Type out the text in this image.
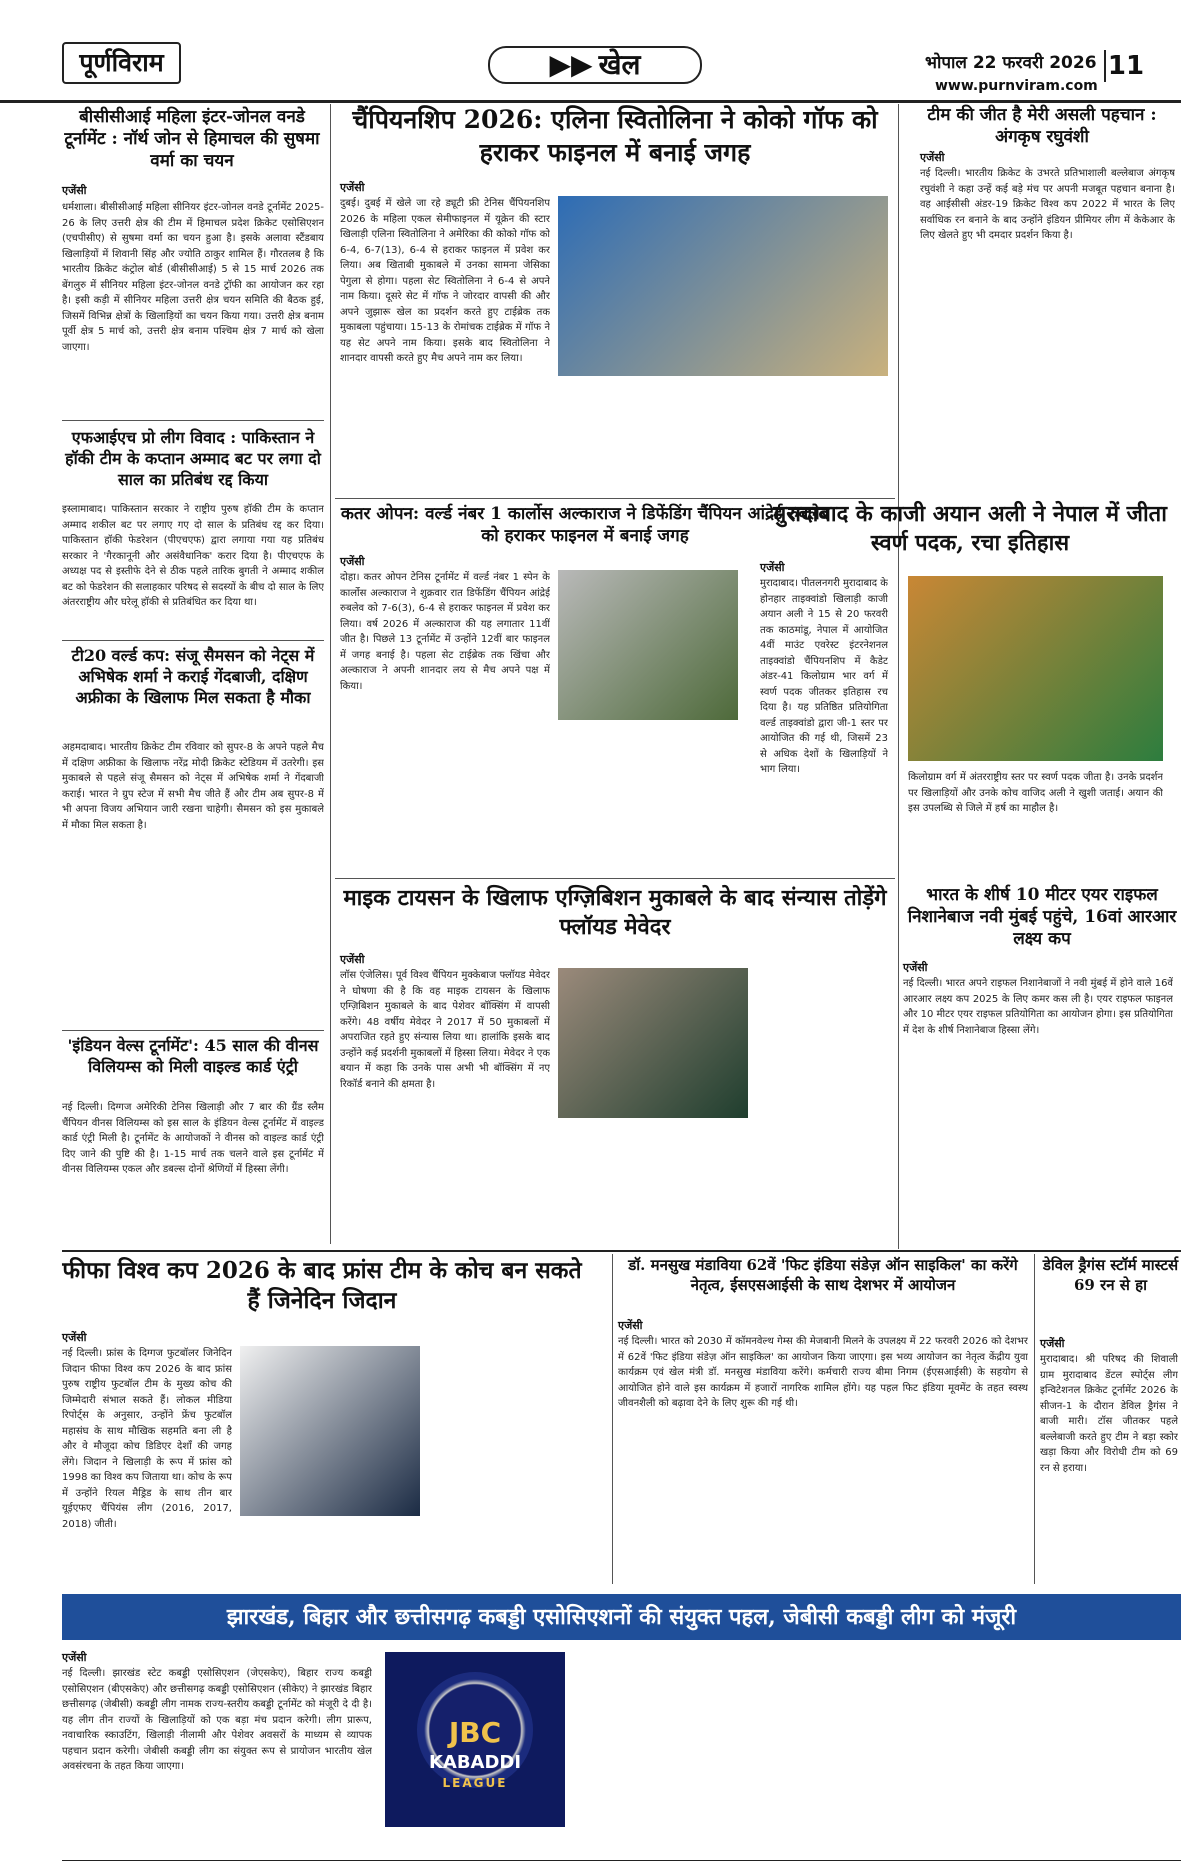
पूर्णविराम	▶▶ खेल	भोपाल 22 फरवरी 2026 11
www.purnviram.com
बीसीसीआई महिला इंटर-जोनल वनडे टूर्नामेंट : नॉर्थ जोन से हिमाचल की सुषमा वर्मा का चयन
एजेंसी
धर्मशाला। बीसीसीआई महिला सीनियर इंटर-जोनल वनडे टूर्नामेंट 2025-26 के लिए उत्तरी क्षेत्र की टीम में हिमाचल प्रदेश क्रिकेट एसोसिएशन (एचपीसीए) से सुषमा वर्मा का चयन हुआ है। इसके अलावा स्टैंडबाय खिलाड़ियों में शिवानी सिंह और ज्योति ठाकुर शामिल हैं। गौरतलब है कि भारतीय क्रिकेट कंट्रोल बोर्ड (बीसीसीआई) 5 से 15 मार्च 2026 तक बेंगलुरु में सीनियर महिला इंटर-जोनल वनडे ट्रॉफी का आयोजन कर रहा है। इसी कड़ी में सीनियर महिला उत्तरी क्षेत्र चयन समिति की बैठक हुई, जिसमें विभिन्न क्षेत्रों के खिलाड़ियों का चयन किया गया। उत्तरी क्षेत्र बनाम पूर्वी क्षेत्र 5 मार्च को, उत्तरी क्षेत्र बनाम पश्चिम क्षेत्र 7 मार्च को खेला जाएगा।
एफआईएच प्रो लीग विवाद : पाकिस्तान ने हॉकी टीम के कप्तान अम्माद बट पर लगा दो साल का प्रतिबंध रद्द किया
इस्लामाबाद। पाकिस्तान सरकार ने राष्ट्रीय पुरुष हॉकी टीम के कप्तान अम्माद शकील बट पर लगाए गए दो साल के प्रतिबंध रद्द कर दिया। पाकिस्तान हॉकी फेडरेशन (पीएचएफ) द्वारा लगाया गया यह प्रतिबंध सरकार ने 'गैरकानूनी और असंवैधानिक' करार दिया है। पीएचएफ के अध्यक्ष पद से इस्तीफे देने से ठीक पहले तारिक बुगती ने अम्माद शकील बट को फेडरेशन की सलाहकार परिषद से सदस्यों के बीच दो साल के लिए अंतरराष्ट्रीय और घरेलू हॉकी से प्रतिबंधित कर दिया था।
टी20 वर्ल्ड कप: संजू सैमसन को नेट्स में अभिषेक शर्मा ने कराई गेंदबाजी, दक्षिण अफ्रीका के खिलाफ मिल सकता है मौका
अहमदाबाद। भारतीय क्रिकेट टीम रविवार को सुपर-8 के अपने पहले मैच में दक्षिण अफ्रीका के खिलाफ नरेंद्र मोदी क्रिकेट स्टेडियम में उतरेगी। इस मुकाबले से पहले संजू सैमसन को नेट्स में अभिषेक शर्मा ने गेंदबाजी कराई। भारत ने ग्रुप स्टेज में सभी मैच जीते हैं और टीम अब सुपर-8 में भी अपना विजय अभियान जारी रखना चाहेगी। सैमसन को इस मुकाबले में मौका मिल सकता है।
'इंडियन वेल्स टूर्नामेंट': 45 साल की वीनस विलियम्स को मिली वाइल्ड कार्ड एंट्री
नई दिल्ली। दिग्गज अमेरिकी टेनिस खिलाड़ी और 7 बार की ग्रैंड स्लैम चैंपियन वीनस विलियम्स को इस साल के इंडियन वेल्स टूर्नामेंट में वाइल्ड कार्ड एंट्री मिली है। टूर्नामेंट के आयोजकों ने वीनस को वाइल्ड कार्ड एंट्री दिए जाने की पुष्टि की है। 1-15 मार्च तक चलने वाले इस टूर्नामेंट में वीनस विलियम्स एकल और डबल्स दोनों श्रेणियों में हिस्सा लेंगी।
चैंपियनशिप 2026: एलिना स्वितोलिना ने कोको गॉफ को हराकर फाइनल में बनाई जगह
एजेंसी
दुबई। दुबई में खेले जा रहे ड्यूटी फ्री टेनिस चैंपियनशिप 2026 के महिला एकल सेमीफाइनल में यूक्रेन की स्टार खिलाड़ी एलिना स्वितोलिना ने अमेरिका की कोको गॉफ को 6-4, 6-7(13), 6-4 से हराकर फाइनल में प्रवेश कर लिया। अब खिताबी मुकाबले में उनका सामना जेसिका पेगुला से होगा। पहला सेट स्वितोलिना ने 6-4 से अपने नाम किया। दूसरे सेट में गॉफ ने जोरदार वापसी की और अपने जुझारू खेल का प्रदर्शन करते हुए टाईब्रेक तक मुकाबला पहुंचाया। 15-13 के रोमांचक टाईब्रेक में गॉफ ने यह सेट अपने नाम किया। इसके बाद स्वितोलिना ने शानदार वापसी करते हुए मैच अपने नाम कर लिया।
टीम की जीत है मेरी असली पहचान : अंगकृष रघुवंशी
एजेंसी
नई दिल्ली। भारतीय क्रिकेट के उभरते प्रतिभाशाली बल्लेबाज अंगकृष रघुवंशी ने कहा उन्हें कई बड़े मंच पर अपनी मजबूत पहचान बनाना है। वह आईसीसी अंडर-19 क्रिकेट विश्व कप 2022 में भारत के लिए सर्वाधिक रन बनाने के बाद उन्होंने इंडियन प्रीमियर लीग में केकेआर के लिए खेलते हुए भी दमदार प्रदर्शन किया है।
कतर ओपन: वर्ल्ड नंबर 1 कार्लोस अल्काराज ने डिफेंडिंग चैंपियन आंद्रेई रुबलेव को हराकर फाइनल में बनाई जगह
एजेंसी
दोहा। कतर ओपन टेनिस टूर्नामेंट में वर्ल्ड नंबर 1 स्पेन के कार्लोस अल्काराज ने शुक्रवार रात डिफेंडिंग चैंपियन आंद्रेई रुबलेव को 7-6(3), 6-4 से हराकर फाइनल में प्रवेश कर लिया। वर्ष 2026 में अल्काराज की यह लगातार 11वीं जीत है। पिछले 13 टूर्नामेंट में उन्होंने 12वीं बार फाइनल में जगह बनाई है। पहला सेट टाईब्रेक तक खिंचा और अल्काराज ने अपनी शानदार लय से मैच अपने पक्ष में किया।
मुरादाबाद के काजी अयान अली ने नेपाल में जीता स्वर्ण पदक, रचा इतिहास
एजेंसी
मुरादाबाद। पीतलनगरी मुरादाबाद के होनहार ताइक्वांडो खिलाड़ी काजी अयान अली ने 15 से 20 फरवरी तक काठमांडू, नेपाल में आयोजित 4वीं माउंट एवरेस्ट इंटरनेशनल ताइक्वांडो चैंपियनशिप में कैडेट अंडर-41 किलोग्राम भार वर्ग में स्वर्ण पदक जीतकर इतिहास रच दिया है। यह प्रतिष्ठित प्रतियोगिता वर्ल्ड ताइक्वांडो द्वारा जी-1 स्तर पर आयोजित की गई थी, जिसमें 23 से अधिक देशों के खिलाड़ियों ने भाग लिया।
किलोग्राम वर्ग में अंतरराष्ट्रीय स्तर पर स्वर्ण पदक जीता है। उनके प्रदर्शन पर खिलाड़ियों और उनके कोच वाजिद अली ने खुशी जताई। अयान की इस उपलब्धि से जिले में हर्ष का माहौल है।
माइक टायसन के खिलाफ एग्ज़िबिशन मुकाबले के बाद संन्यास तोड़ेंगे फ्लॉयड मेवेदर
एजेंसी
लॉस एंजेलिस। पूर्व विश्व चैंपियन मुक्केबाज फ्लॉयड मेवेदर ने घोषणा की है कि वह माइक टायसन के खिलाफ एग्ज़िबिशन मुकाबले के बाद पेशेवर बॉक्सिंग में वापसी करेंगे। 48 वर्षीय मेवेदर ने 2017 में 50 मुकाबलों में अपराजित रहते हुए संन्यास लिया था। हालांकि इसके बाद उन्होंने कई प्रदर्शनी मुकाबलों में हिस्सा लिया। मेवेदर ने एक बयान में कहा कि उनके पास अभी भी बॉक्सिंग में नए रिकॉर्ड बनाने की क्षमता है।
भारत के शीर्ष 10 मीटर एयर राइफल निशानेबाज नवी मुंबई पहुंचे, 16वां आरआर लक्ष्य कप
एजेंसी
नई दिल्ली। भारत अपने राइफल निशानेबाजों ने नवी मुंबई में होने वाले 16वें आरआर लक्ष्य कप 2025 के लिए कमर कस ली है। एयर राइफल फाइनल और 10 मीटर एयर राइफल प्रतियोगिता का आयोजन होगा। इस प्रतियोगिता में देश के शीर्ष निशानेबाज हिस्सा लेंगे।
फीफा विश्व कप 2026 के बाद फ्रांस टीम के कोच बन सकते हैं जिनेदिन जिदान
एजेंसी
नई दिल्ली। फ्रांस के दिग्गज फुटबॉलर जिनेदिन जिदान फीफा विश्व कप 2026 के बाद फ्रांस पुरुष राष्ट्रीय फुटबॉल टीम के मुख्य कोच की जिम्मेदारी संभाल सकते हैं। लोकल मीडिया रिपोर्ट्स के अनुसार, उन्होंने फ्रेंच फुटबॉल महासंघ के साथ मौखिक सहमति बना ली है और वे मौजूदा कोच डिडिएर देशाँ की जगह लेंगे। जिदान ने खिलाड़ी के रूप में फ्रांस को 1998 का विश्व कप जिताया था। कोच के रूप में उन्होंने रियल मैड्रिड के साथ तीन बार यूईएफए चैंपियंस लीग (2016, 2017, 2018) जीती।
डॉ. मनसुख मंडाविया 62वें 'फिट इंडिया संडेज़ ऑन साइकिल' का करेंगे नेतृत्व, ईसएसआईसी के साथ देशभर में आयोजन
एजेंसी
नई दिल्ली। भारत को 2030 में कॉमनवेल्थ गेम्स की मेजबानी मिलने के उपलक्ष्य में 22 फरवरी 2026 को देशभर में 62वें 'फिट इंडिया संडेज़ ऑन साइकिल' का आयोजन किया जाएगा। इस भव्य आयोजन का नेतृत्व केंद्रीय युवा कार्यक्रम एवं खेल मंत्री डॉ. मनसुख मंडाविया करेंगे। कर्मचारी राज्य बीमा निगम (ईएसआईसी) के सहयोग से आयोजित होने वाले इस कार्यक्रम में हजारों नागरिक शामिल होंगे। यह पहल फिट इंडिया मूवमेंट के तहत स्वस्थ जीवनशैली को बढ़ावा देने के लिए शुरू की गई थी।
डेविल ड्रैगंस स्टॉर्म मास्टर्स 69 रन से हा
एजेंसी
मुरादाबाद। श्री परिषद की शिवाली ग्राम मुरादाबाद डेंटल स्पोर्ट्स लीग इन्विटेशनल क्रिकेट टूर्नामेंट 2026 के सीजन-1 के दौरान डेविल ड्रैगंस ने बाजी मारी। टॉस जीतकर पहले बल्लेबाजी करते हुए टीम ने बड़ा स्कोर खड़ा किया और विरोधी टीम को 69 रन से हराया।
झारखंड, बिहार और छत्तीसगढ़ कबड्डी एसोसिएशनों की संयुक्त पहल, जेबीसी कबड्डी लीग को मंजूरी
एजेंसी
नई दिल्ली। झारखंड स्टेट कबड्डी एसोसिएशन (जेएसकेए), बिहार राज्य कबड्डी एसोसिएशन (बीएसकेए) और छत्तीसगढ़ कबड्डी एसोसिएशन (सीकेए) ने झारखंड बिहार छत्तीसगढ़ (जेबीसी) कबड्डी लीग नामक राज्य-स्तरीय कबड्डी टूर्नामेंट को मंजूरी दे दी है। यह लीग तीन राज्यों के खिलाड़ियों को एक बड़ा मंच प्रदान करेगी। लीग प्रारूप, नवाचारिक स्काउटिंग, खिलाड़ी नीलामी और पेशेवर अवसरों के माध्यम से व्यापक पहचान प्रदान करेगी। जेबीसी कबड्डी लीग का संयुक्त रूप से प्रायोजन भारतीय खेल अवसंरचना के तहत किया जाएगा।
JBC
KABADDI
LEAGUE
